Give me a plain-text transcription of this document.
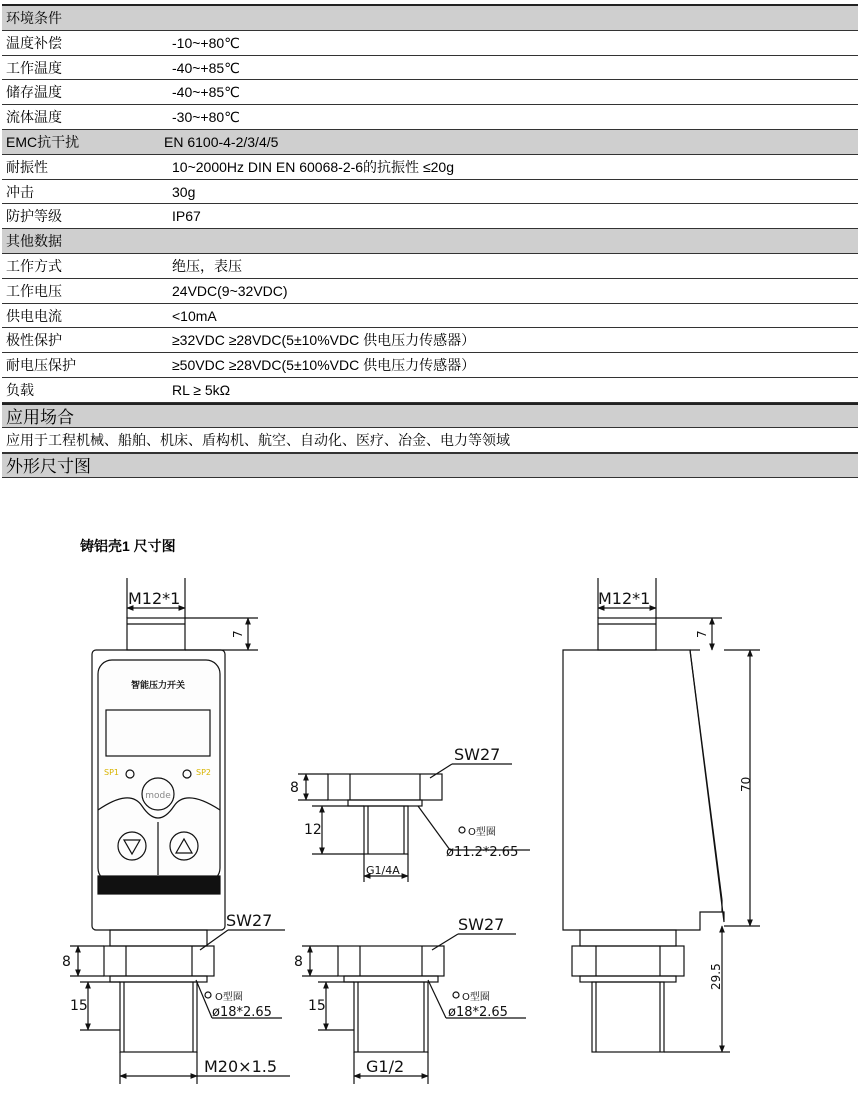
环境条件
温度补偿	-10~+80℃
工作温度	-40~+85℃
储存温度	-40~+85℃
流体温度	-30~+80℃
EMC抗干扰	EN 6100-4-2/3/4/5
耐振性	10~2000Hz DIN EN 60068-2-6的抗振性 ≤20g
冲击	30g
防护等级	IP67
其他数据
工作方式	绝压，表压
工作电压	24VDC(9~32VDC)
供电电流	<10mA
极性保护	≥32VDC ≥28VDC(5±10%VDC 供电压力传感器）
耐电压保护	≥50VDC ≥28VDC(5±10%VDC 供电压力传感器）
负载	RL ≥ 5kΩ
应用场合
应用于工程机械、船舶、机床、盾构机、航空、自动化、医疗、冶金、电力等领域
外形尺寸图
铸铝壳1 尺寸图
M12*1
7
智能压力开关
SP1	SP2
mode
8
15
M20×1.5
SW27
O型圈
ø18*2.65
8
12
G1/4A
SW27
O型圈
ø11.2*2.65
8
15
G1/2
SW27
O型圈
ø18*2.65
M12*1
7
70
29.5
